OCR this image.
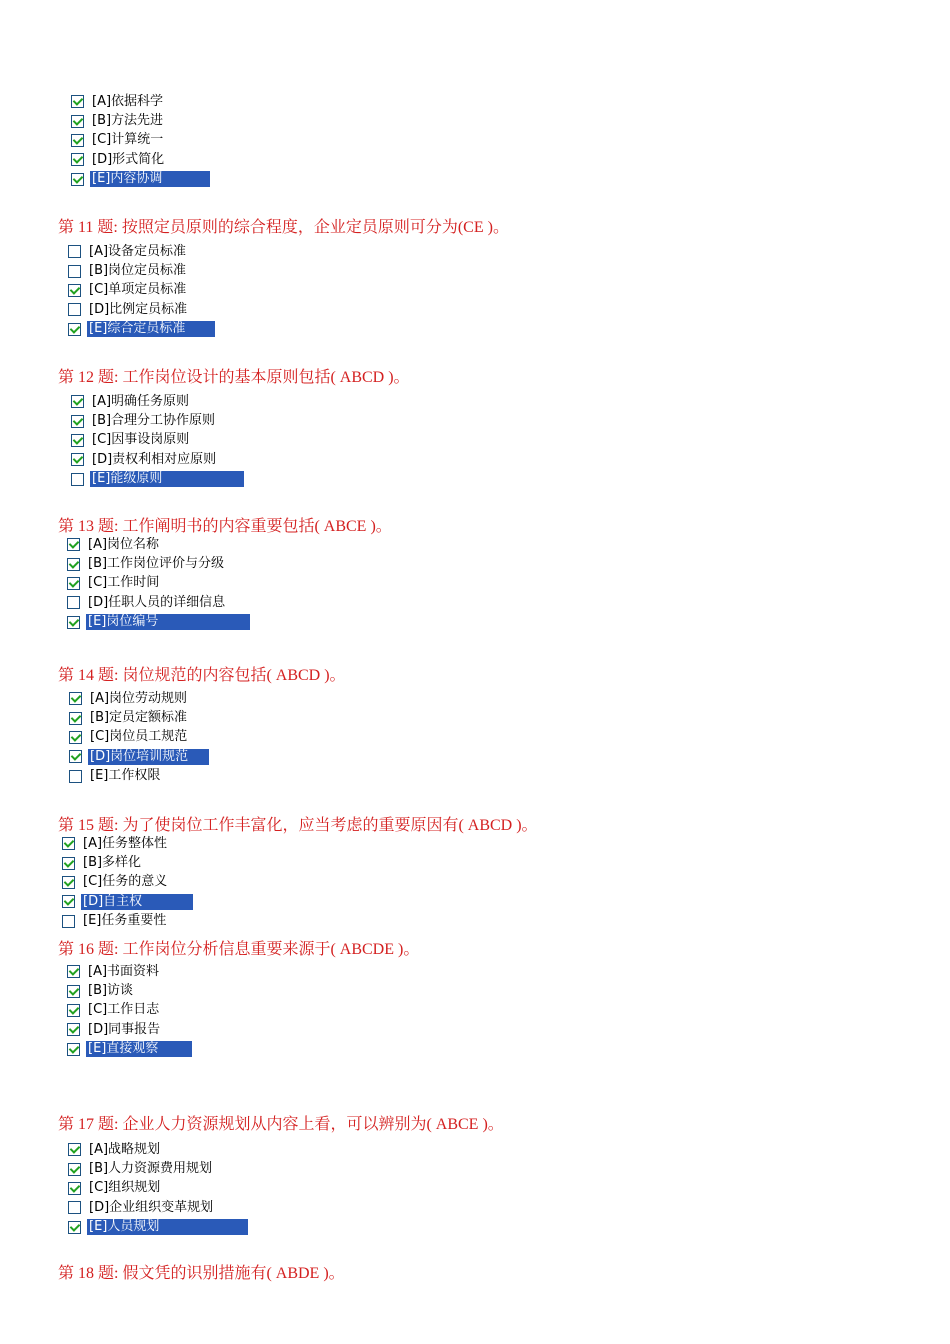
[A]依据科学
[B]方法先进
[C]计算统一
[D]形式简化
[E]内容协调
第 11 题: 按照定员原则的综合程度，企业定员原则可分为(CE )。
[A]设备定员标准
[B]岗位定员标准
[C]单项定员标准
[D]比例定员标准
[E]综合定员标准
第 12 题: 工作岗位设计的基本原则包括( ABCD )。
[A]明确任务原则
[B]合理分工协作原则
[C]因事设岗原则
[D]责权利相对应原则
[E]能级原则
第 13 题: 工作阐明书的内容重要包括( ABCE )。
[A]岗位名称
[B]工作岗位评价与分级
[C]工作时间
[D]任职人员的详细信息
[E]岗位编号
第 14 题: 岗位规范的内容包括( ABCD )。
[A]岗位劳动规则
[B]定员定额标准
[C]岗位员工规范
[D]岗位培训规范
[E]工作权限
第 15 题: 为了使岗位工作丰富化，应当考虑的重要原因有( ABCD )。
[A]任务整体性
[B]多样化
[C]任务的意义
[D]自主权
[E]任务重要性
第 16 题: 工作岗位分析信息重要来源于( ABCDE )。
[A]书面资料
[B]访谈
[C]工作日志
[D]同事报告
[E]直接观察
第 17 题: 企业人力资源规划从内容上看，可以辨别为( ABCE )。
[A]战略规划
[B]人力资源费用规划
[C]组织规划
[D]企业组织变革规划
[E]人员规划
第 18 题: 假文凭的识别措施有( ABDE )。
